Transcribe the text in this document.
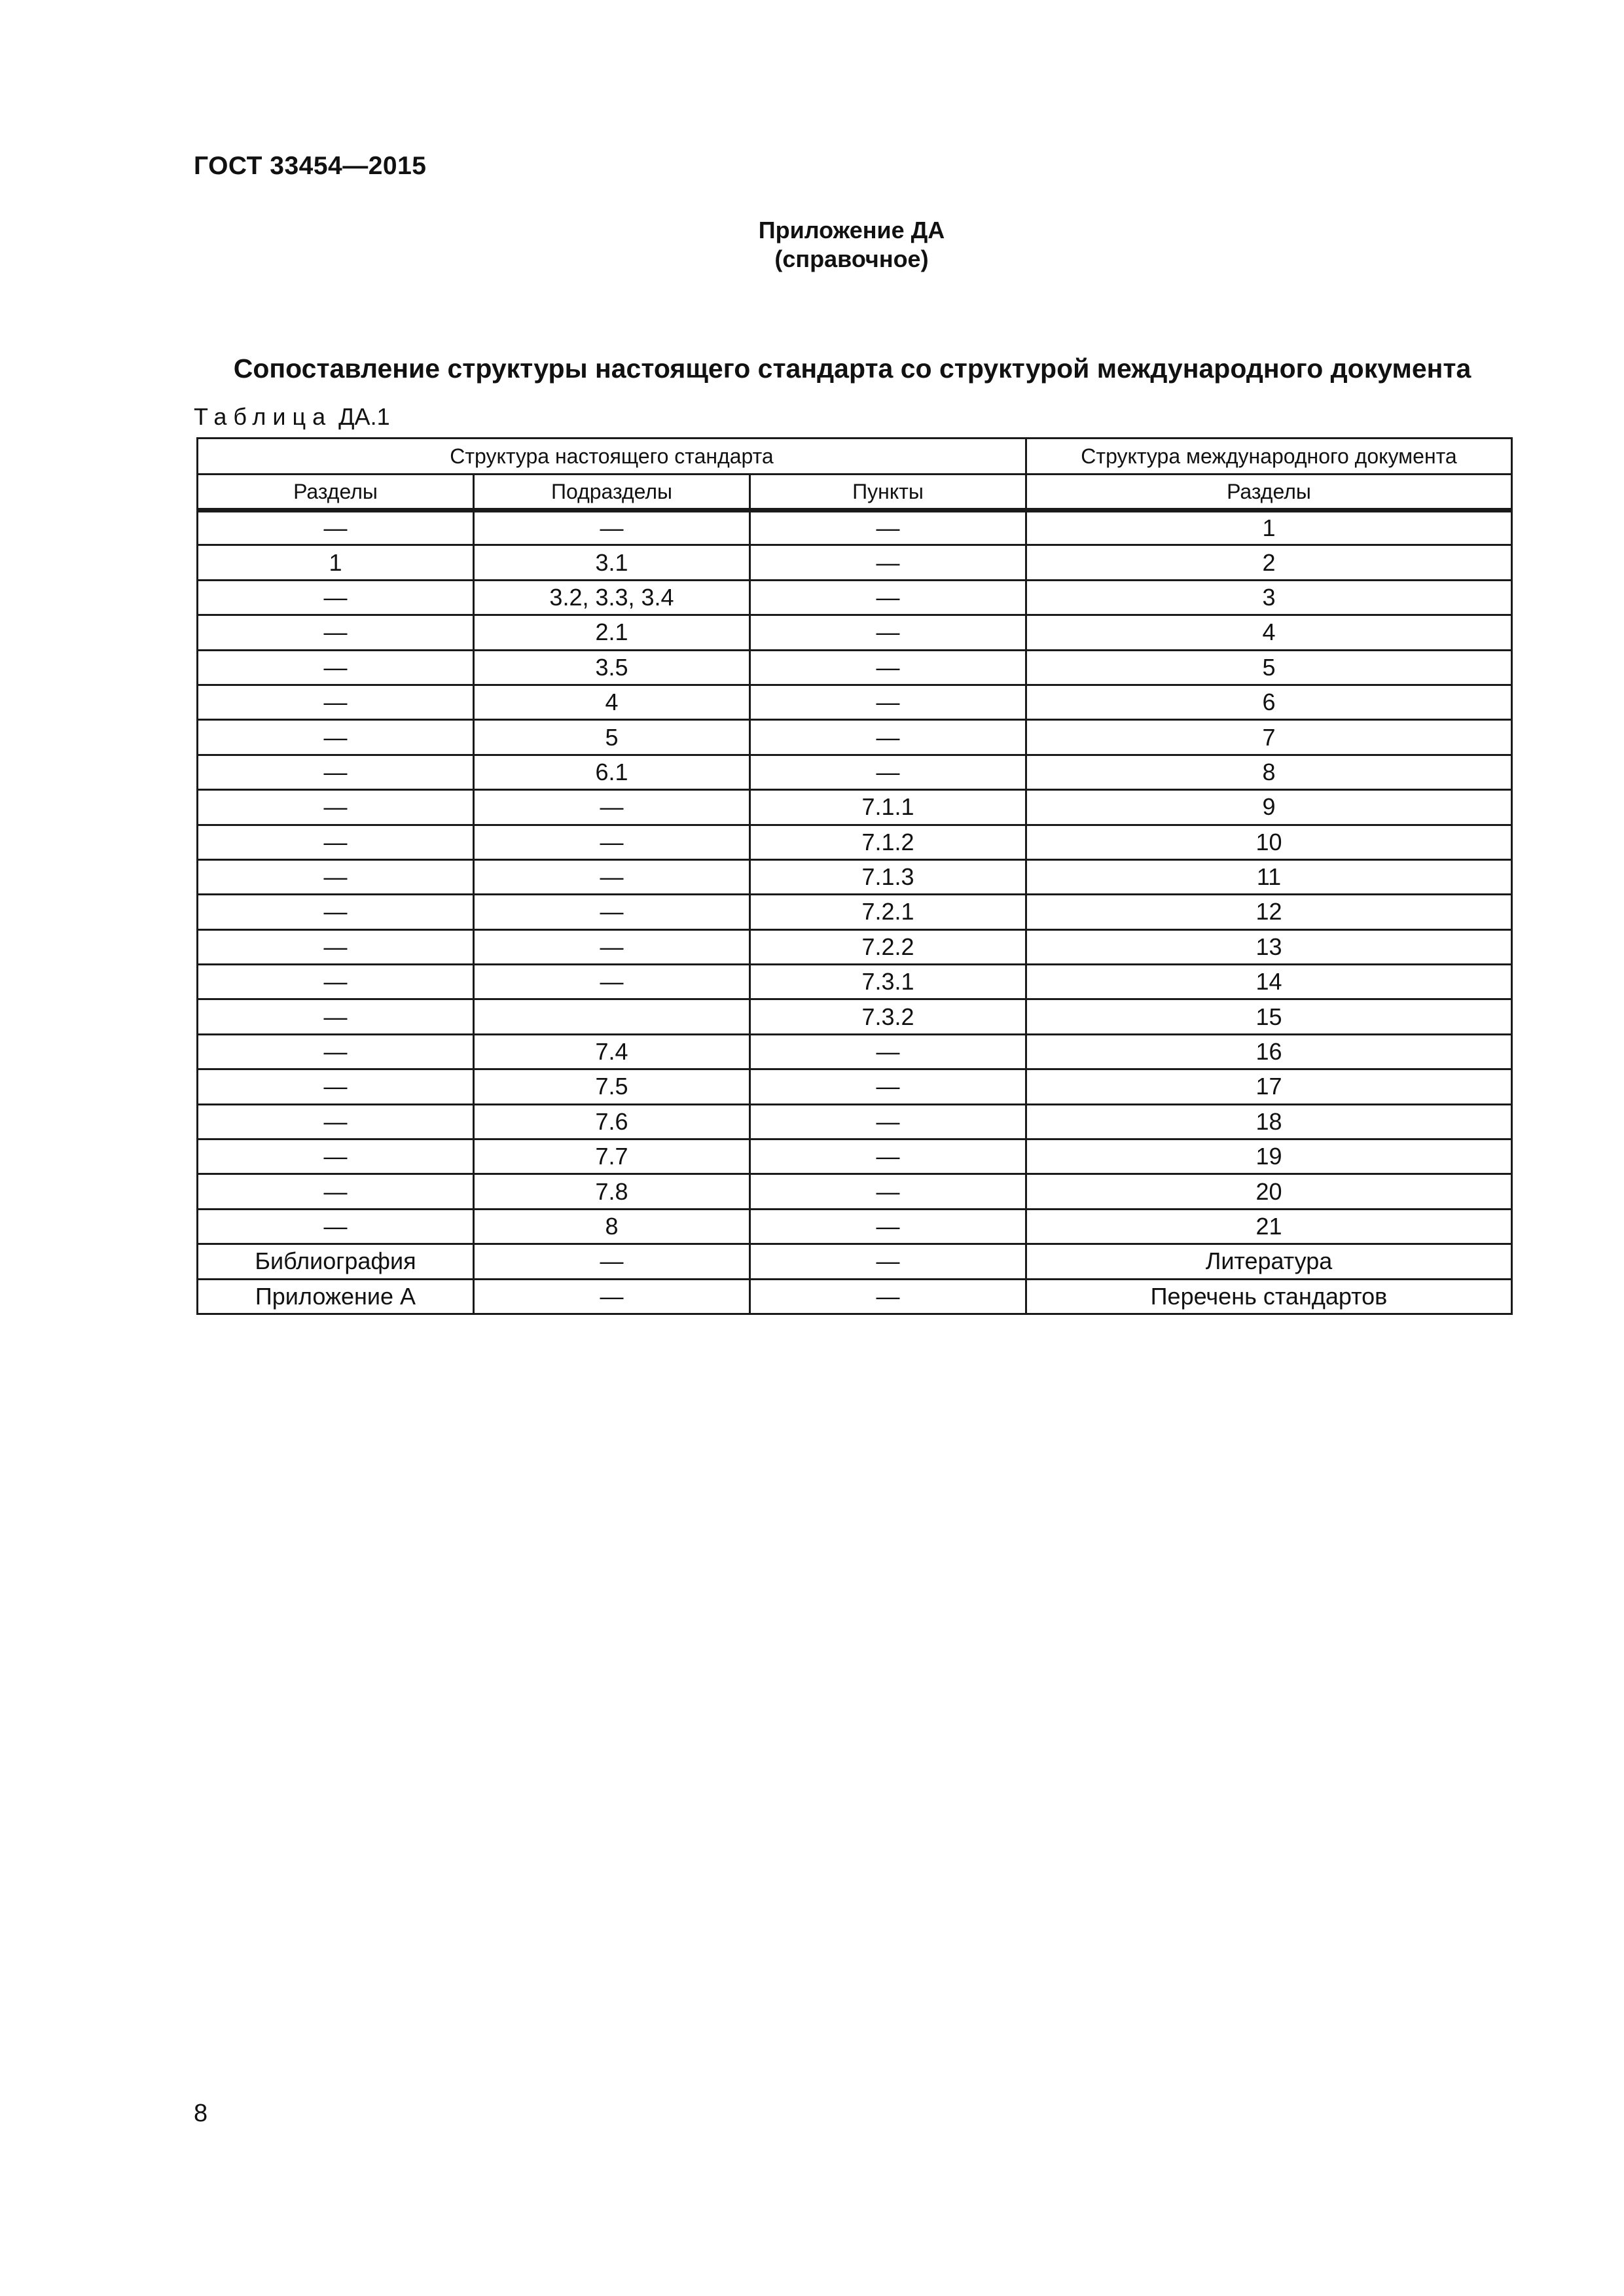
ГОСТ 33454—2015
Приложение ДА
(справочное)
Сопоставление структуры настоящего стандарта со структурой международного документа
Таблица ДА.1
Структура настоящего стандарта			Структура международного документа
Разделы	Подразделы	Пункты	Разделы
—	—	—	1
1	3.1	—	2
—	3.2, 3.3, 3.4	—	3
—	2.1	—	4
—	3.5	—	5
—	4	—	6
—	5	—	7
—	6.1	—	8
—	—	7.1.1	9
—	—	7.1.2	10
—	—	7.1.3	11
—	—	7.2.1	12
—	—	7.2.2	13
—	—	7.3.1	14
—		7.3.2	15
—	7.4	—	16
—	7.5	—	17
—	7.6	—	18
—	7.7	—	19
—	7.8	—	20
—	8	—	21
Библиография	—	—	Литература
Приложение А	—	—	Перечень стандартов
8
